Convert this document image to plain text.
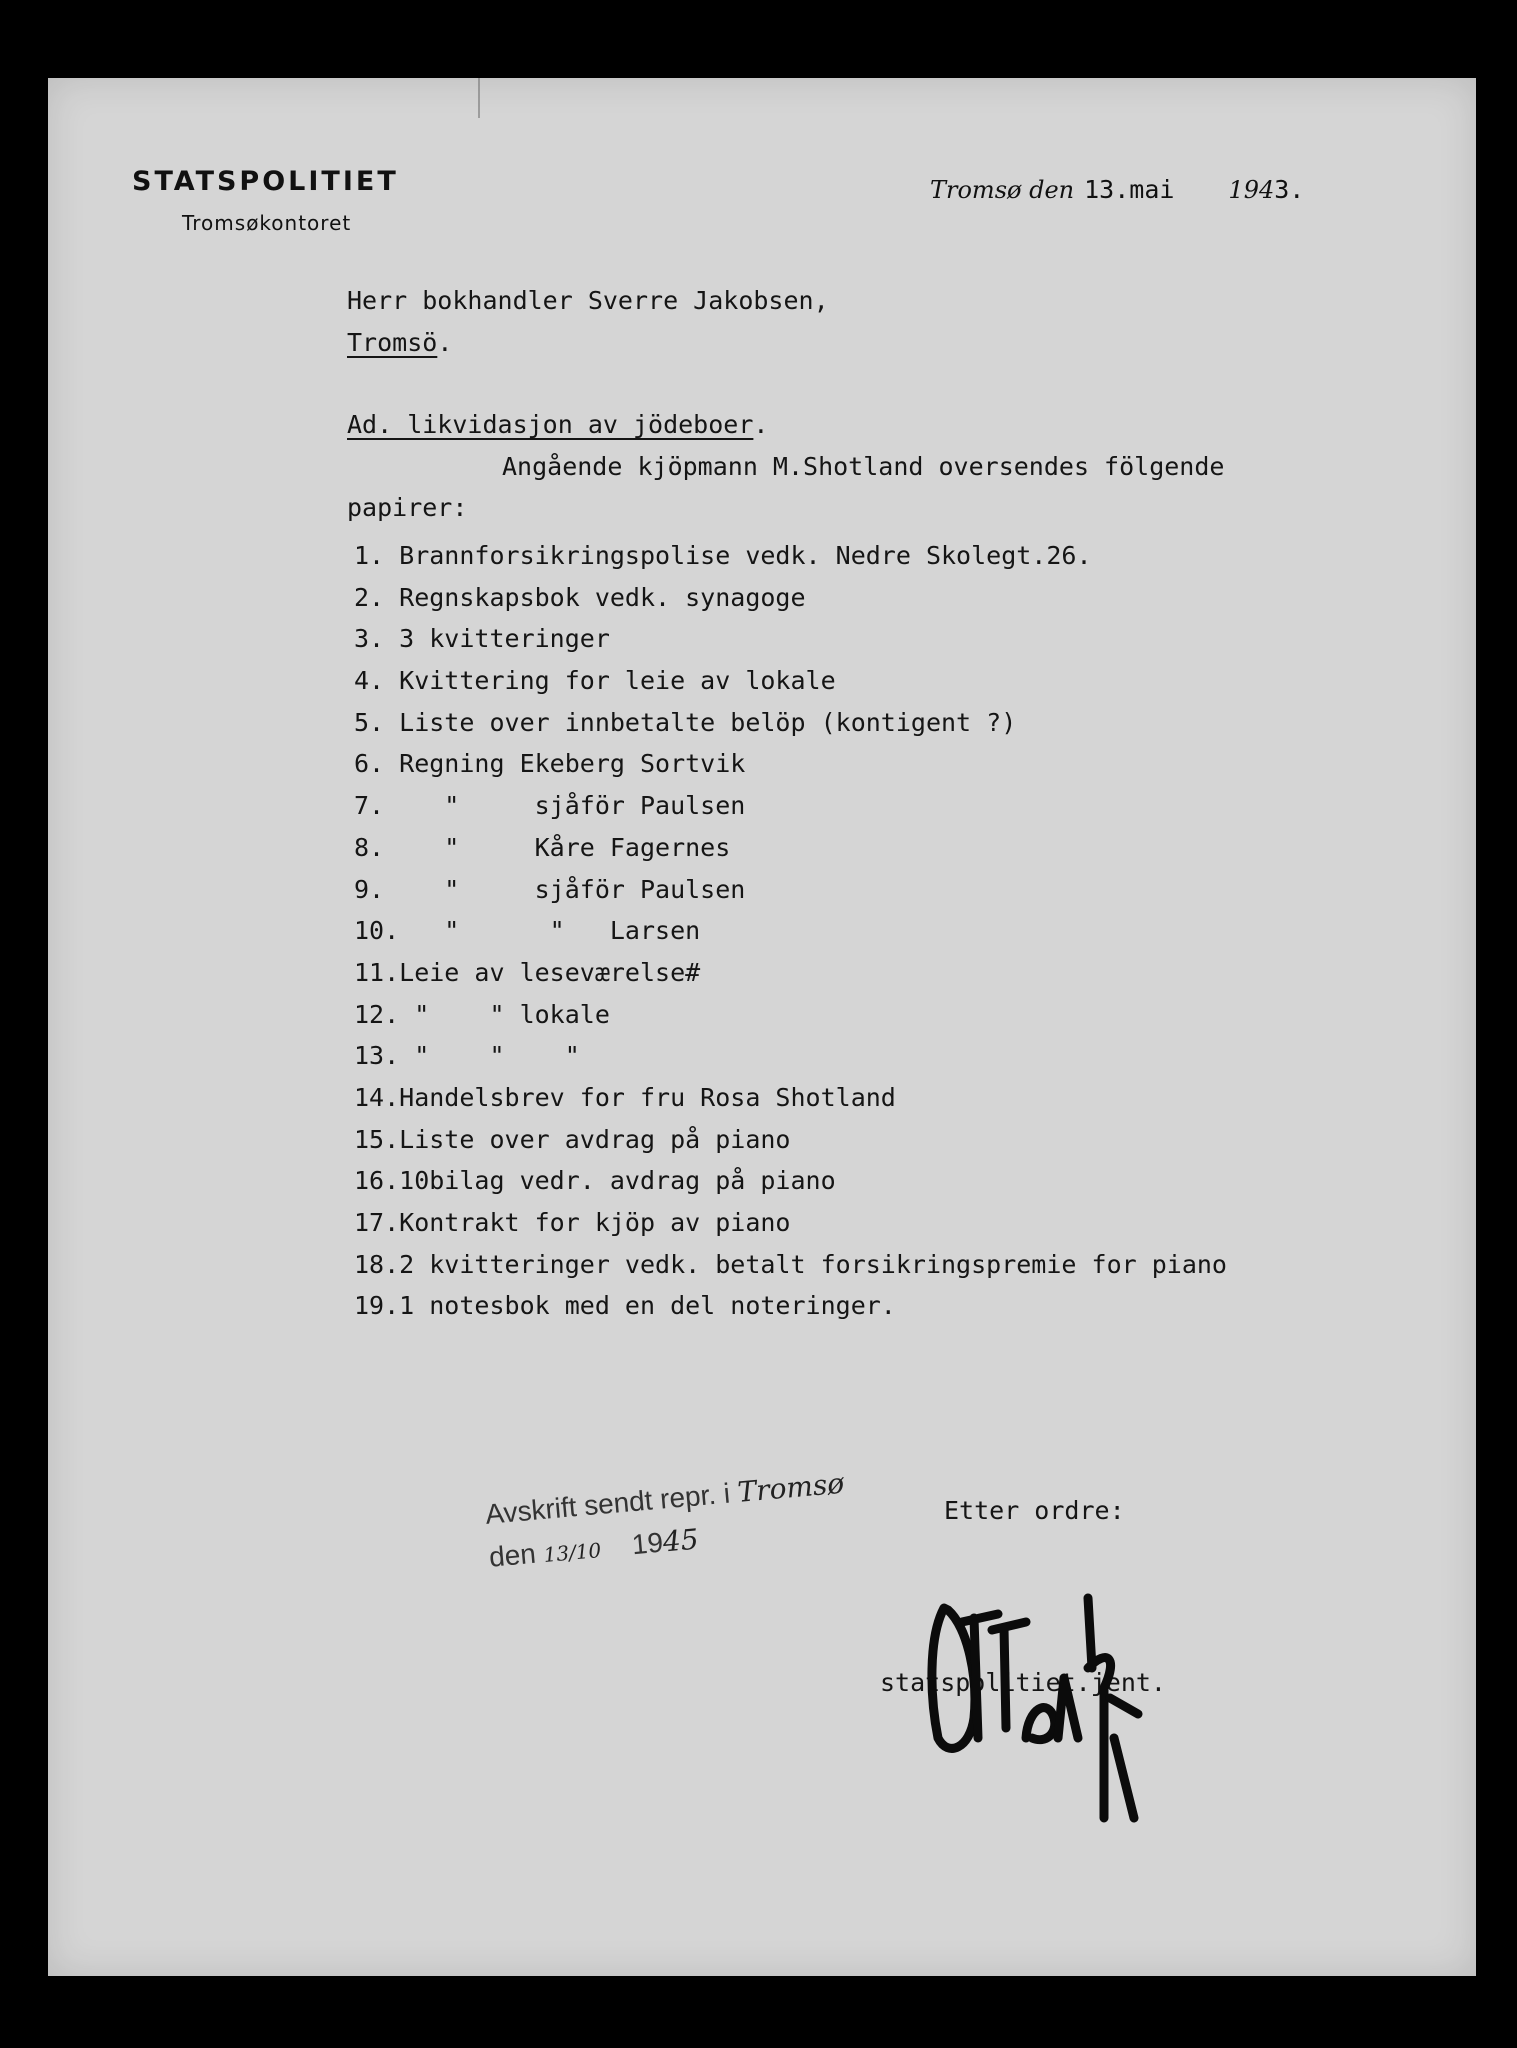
STATSPOLITIET
Tromsøkontoret
Tromsø den 13.mai 1943.
Herr bokhandler Sverre Jakobsen,
Tromsö.
Ad. likvidasjon av jödeboer.
Angående kjöpmann M.Shotland oversendes fölgende
papirer:
1. Brannforsikringspolise vedk. Nedre Skolegt.26.
2. Regnskapsbok vedk. synagoge
3. 3 kvitteringer
4. Kvittering for leie av lokale
5. Liste over innbetalte belöp (kontigent ?)
6. Regning Ekeberg Sortvik
7.    "     sjåför Paulsen
8.    "     Kåre Fagernes
9.    "     sjåför Paulsen
10.   "      "   Larsen
11.Leie av leseværelse#
12. "    " lokale
13. "    "    "
14.Handelsbrev for fru Rosa Shotland
15.Liste over avdrag på piano
16.10bilag vedr. avdrag på piano
17.Kontrakt for kjöp av piano
18.2 kvitteringer vedk. betalt forsikringspremie for piano
19.1 notesbok med en del noteringer.
Etter ordre:
statspolitiet.jent.
Avskrift sendt repr. i Tromsø
den 13/10 1945
